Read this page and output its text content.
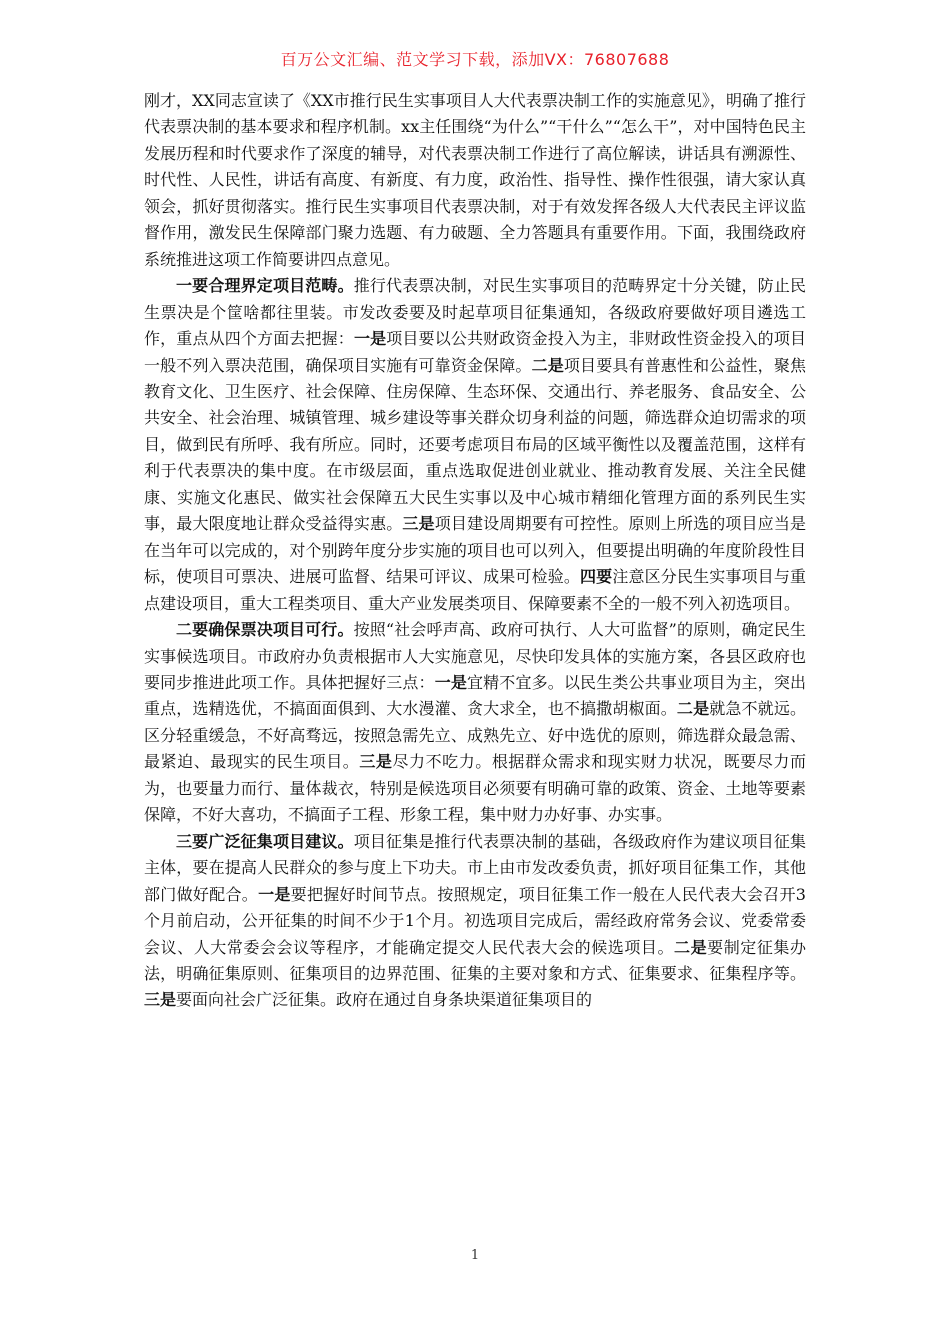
百万公文汇编、范文学习下载，添加VX：76807688

刚才，XX同志宣读了《XX市推行民生实事项目人大代表票决制工作的实施意见》，明确了推行代表票决制的基本要求和程序机制。xx主任围绕“为什么”“干什么”“怎么干”，对中国特色民主发展历程和时代要求作了深度的辅导，对代表票决制工作进行了高位解读，讲话具有溯源性、时代性、人民性，讲话有高度、有新度、有力度，政治性、指导性、操作性很强，请大家认真领会，抓好贯彻落实。推行民生实事项目代表票决制，对于有效发挥各级人大代表民主评议监督作用，激发民生保障部门聚力选题、有力破题、全力答题具有重要作用。下面，我围绕政府系统推进这项工作简要讲四点意见。

一要合理界定项目范畴。推行代表票决制，对民生实事项目的范畴界定十分关键，防止民生票决是个筐啥都往里装。市发改委要及时起草项目征集通知，各级政府要做好项目遴选工作，重点从四个方面去把握：一是项目要以公共财政资金投入为主，非财政性资金投入的项目一般不列入票决范围，确保项目实施有可靠资金保障。二是项目要具有普惠性和公益性，聚焦教育文化、卫生医疗、社会保障、住房保障、生态环保、交通出行、养老服务、食品安全、公共安全、社会治理、城镇管理、城乡建设等事关群众切身利益的问题，筛选群众迫切需求的项目，做到民有所呼、我有所应。同时，还要考虑项目布局的区域平衡性以及覆盖范围，这样有利于代表票决的集中度。在市级层面，重点选取促进创业就业、推动教育发展、关注全民健康、实施文化惠民、做实社会保障五大民生实事以及中心城市精细化管理方面的系列民生实事，最大限度地让群众受益得实惠。三是项目建设周期要有可控性。原则上所选的项目应当是在当年可以完成的，对个别跨年度分步实施的项目也可以列入，但要提出明确的年度阶段性目标，使项目可票决、进展可监督、结果可评议、成果可检验。四要注意区分民生实事项目与重点建设项目，重大工程类项目、重大产业发展类项目、保障要素不全的一般不列入初选项目。

二要确保票决项目可行。按照“社会呼声高、政府可执行、人大可监督”的原则，确定民生实事候选项目。市政府办负责根据市人大实施意见，尽快印发具体的实施方案，各县区政府也要同步推进此项工作。具体把握好三点：一是宜精不宜多。以民生类公共事业项目为主，突出重点，选精选优，不搞面面俱到、大水漫灌、贪大求全，也不搞撒胡椒面。二是就急不就远。区分轻重缓急，不好高骛远，按照急需先立、成熟先立、好中选优的原则，筛选群众最急需、最紧迫、最现实的民生项目。三是尽力不吃力。根据群众需求和现实财力状况，既要尽力而为，也要量力而行、量体裁衣，特别是候选项目必须要有明确可靠的政策、资金、土地等要素保障，不好大喜功，不搞面子工程、形象工程，集中财力办好事、办实事。

三要广泛征集项目建议。项目征集是推行代表票决制的基础，各级政府作为建议项目征集主体，要在提高人民群众的参与度上下功夫。市上由市发改委负责，抓好项目征集工作，其他部门做好配合。一是要把握好时间节点。按照规定，项目征集工作一般在人民代表大会召开3个月前启动，公开征集的时间不少于1个月。初选项目完成后，需经政府常务会议、党委常委会议、人大常委会会议等程序，才能确定提交人民代表大会的候选项目。二是要制定征集办法，明确征集原则、征集项目的边界范围、征集的主要对象和方式、征集要求、征集程序等。三是要面向社会广泛征集。政府在通过自身条块渠道征集项目的

1
